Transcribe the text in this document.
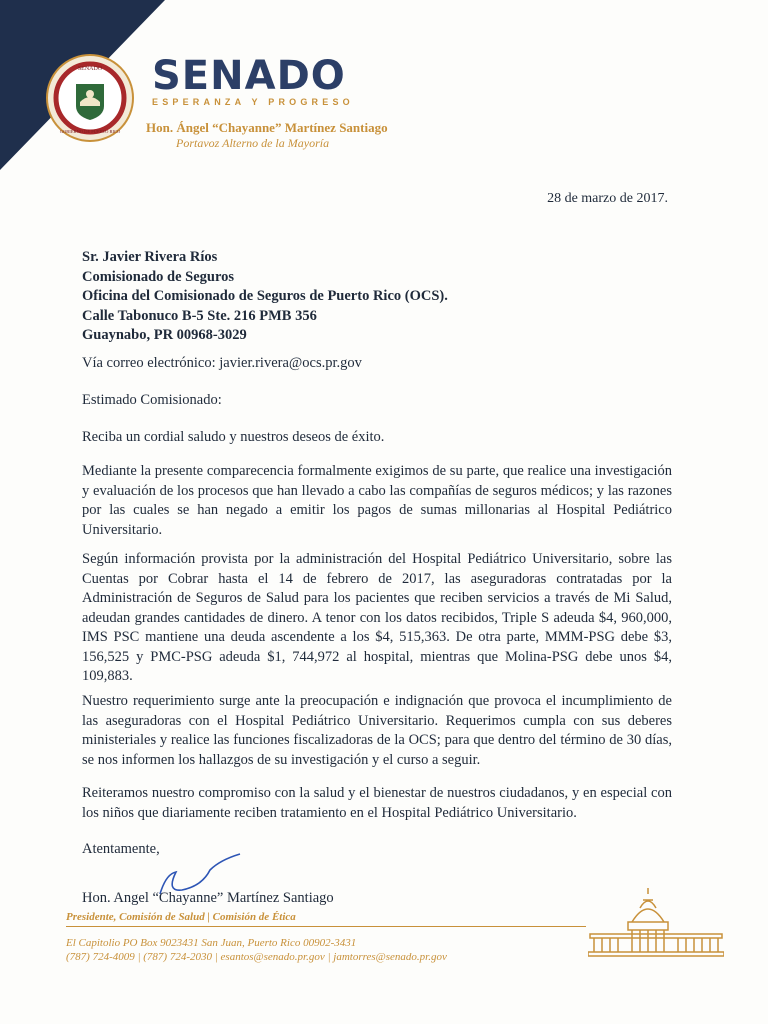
SENADO
GOBIERNO DE PUERTO RICO
SENADO
ESPERANZA Y PROGRESO
Hon. Ángel “Chayanne” Martínez Santiago
Portavoz Alterno de la Mayoría
28 de marzo de 2017.
Sr. Javier Rivera Ríos
Comisionado de Seguros
Oficina del Comisionado de Seguros de Puerto Rico (OCS).
Calle Tabonuco B-5 Ste. 216 PMB 356
Guaynabo, PR 00968-3029
Vía correo electrónico: javier.rivera@ocs.pr.gov
Estimado Comisionado:
Reciba un cordial saludo y nuestros deseos de éxito.
Mediante la presente comparecencia formalmente exigimos de su parte, que realice una investigación y evaluación de los procesos que han llevado a cabo las compañías de seguros médicos; y las razones por las cuales se han negado a emitir los pagos de sumas millonarias al Hospital Pediátrico Universitario.
Según información provista por la administración del Hospital Pediátrico Universitario, sobre las Cuentas por Cobrar hasta el 14 de febrero de 2017, las aseguradoras contratadas por la Administración de Seguros de Salud para los pacientes que reciben servicios a través de Mi Salud, adeudan grandes cantidades de dinero. A tenor con los datos recibidos, Triple S adeuda $4, 960,000, IMS PSC mantiene una deuda ascendente a los $4, 515,363. De otra parte, MMM-PSG debe $3, 156,525 y PMC-PSG adeuda $1, 744,972 al hospital, mientras que Molina-PSG debe unos $4, 109,883.
Nuestro requerimiento surge ante la preocupación e indignación que provoca el incumplimiento de las aseguradoras con el Hospital Pediátrico Universitario. Requerimos cumpla con sus deberes ministeriales y realice las funciones fiscalizadoras de la OCS; para que dentro del término de 30 días, se nos informen los hallazgos de su investigación y el curso a seguir.
Reiteramos nuestro compromiso con la salud y el bienestar de nuestros ciudadanos, y en especial con los niños que diariamente reciben tratamiento en el Hospital Pediátrico Universitario.
Atentamente,
Hon. Angel “Chayanne” Martínez Santiago
Presidente, Comisión de Salud | Comisión de Ética
El Capitolio PO Box 9023431 San Juan, Puerto Rico 00902-3431
(787) 724-4009 | (787) 724-2030 | esantos@senado.pr.gov | jamtorres@senado.pr.gov
